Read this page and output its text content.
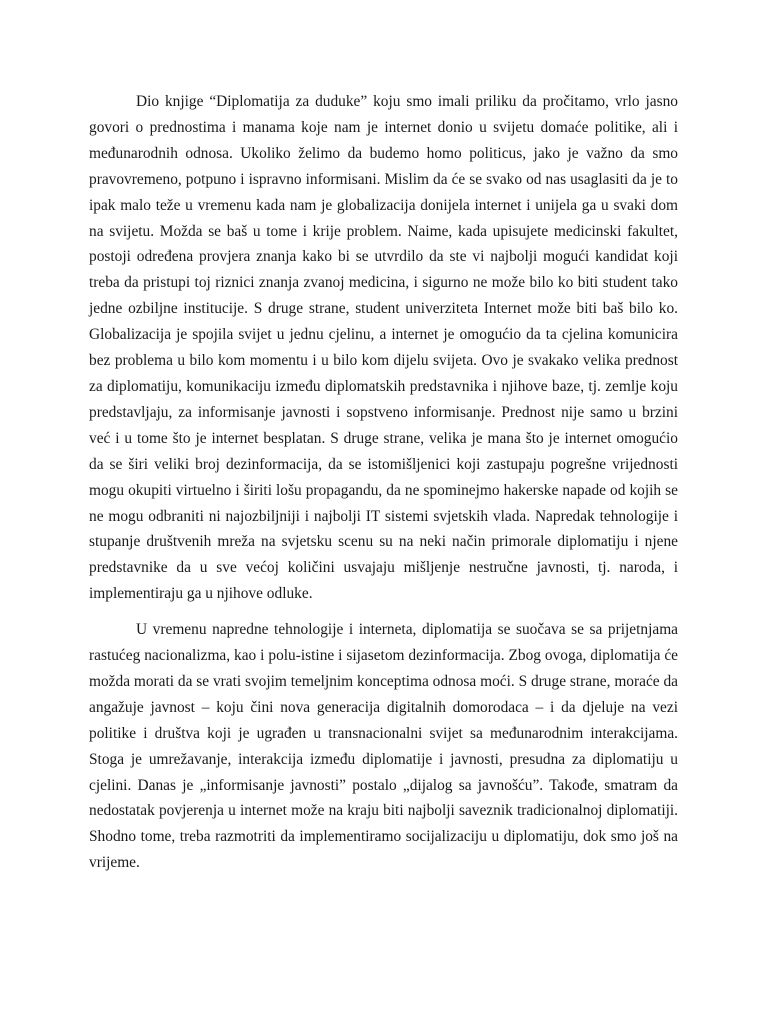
Dio knjige “Diplomatija za duduke” koju smo imali priliku da pročitamo, vrlo jasno govori o prednostima i manama koje nam je internet donio u svijetu domaće politike, ali i međunarodnih odnosa. Ukoliko želimo da budemo homo politicus, jako je važno da smo pravovremeno, potpuno i ispravno informisani. Mislim da će se svako od nas usaglasiti da je to ipak malo teže u vremenu kada nam je globalizacija donijela internet i unijela ga u svaki dom na svijetu. Možda se baš u tome i krije problem. Naime, kada upisujete medicinski fakultet, postoji određena provjera znanja kako bi se utvrdilo da ste vi najbolji mogući kandidat koji treba da pristupi toj riznici znanja zvanoj medicina, i sigurno ne može bilo ko biti student tako jedne ozbiljne institucije. S druge strane, student univerziteta Internet može biti baš bilo ko. Globalizacija je spojila svijet u jednu cjelinu, a internet je omogućio da ta cjelina komunicira bez problema u bilo kom momentu i u bilo kom dijelu svijeta. Ovo je svakako velika prednost za diplomatiju, komunikaciju između diplomatskih predstavnika i njihove baze, tj. zemlje koju predstavljaju, za informisanje javnosti i sopstveno informisanje. Prednost nije samo u brzini već i u tome što je internet besplatan. S druge strane, velika je mana što je internet omogućio da se širi veliki broj dezinformacija, da se istomišljenici koji zastupaju pogrešne vrijednosti mogu okupiti virtuelno i širiti lošu propagandu, da ne spominejmo hakerske napade od kojih se ne mogu odbraniti ni najozbiljniji i najbolji IT sistemi svjetskih vlada. Napredak tehnologije i stupanje društvenih mreža na svjetsku scenu su na neki način primorale diplomatiju i njene predstavnike da u sve većoj količini usvajaju mišljenje nestručne javnosti, tj. naroda, i implementiraju ga u njihove odluke.

U vremenu napredne tehnologije i interneta, diplomatija se suočava se sa prijetnjama rastućeg nacionalizma, kao i polu-istine i sijasetom dezinformacija. Zbog ovoga, diplomatija će možda morati da se vrati svojim temeljnim konceptima odnosa moći. S druge strane, moraće da angažuje javnost – koju čini nova generacija digitalnih domorodaca – i da djeluje na vezi politike i društva koji je ugrađen u transnacionalni svijet sa međunarodnim interakcijama. Stoga je umrežavanje, interakcija između diplomatije i javnosti, presudna za diplomatiju u cjelini. Danas je „informisanje javnosti” postalo „dijalog sa javnošću”. Takođe, smatram da nedostatak povjerenja u internet može na kraju biti najbolji saveznik tradicionalnoj diplomatiji. Shodno tome, treba razmotriti da implementiramo socijalizaciju u diplomatiju, dok smo još na vrijeme.
